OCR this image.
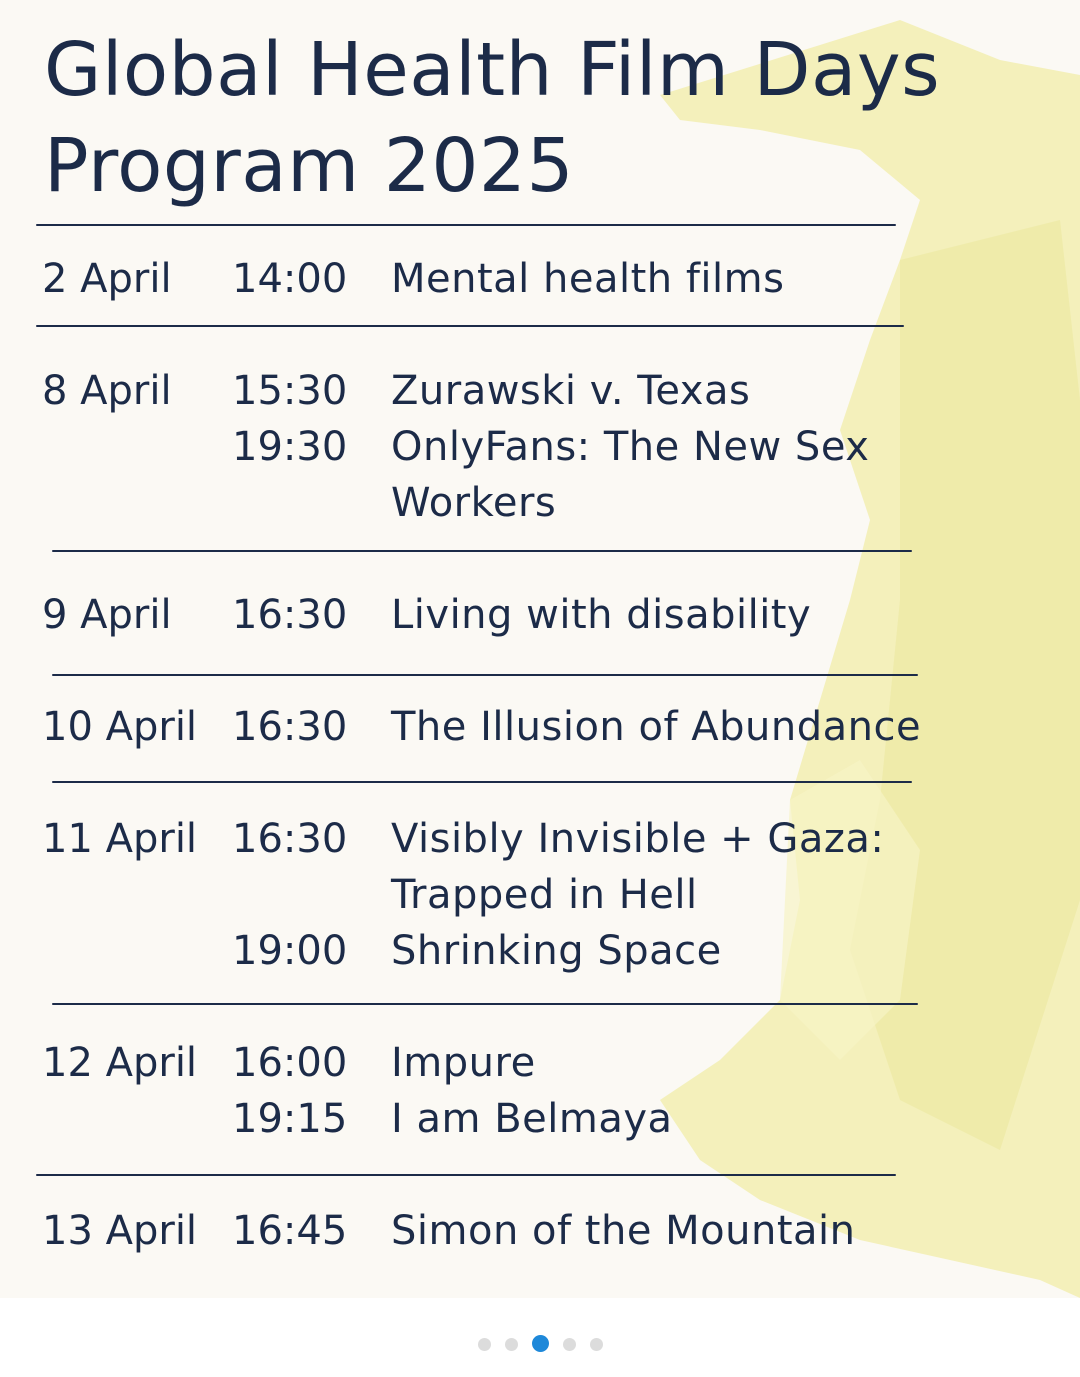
Global Health Film Days
Program 2025
2 April 14:00 Mental health films
8 April 15:30 Zurawski v. Texas
19:30 OnlyFans: The New Sex
Workers
9 April 16:30 Living with disability
10 April 16:30 The Illusion of Abundance
11 April 16:30 Visibly Invisible + Gaza:
Trapped in Hell
19:00 Shrinking Space
12 April 16:00 Impure
19:15 I am Belmaya
13 April 16:45 Simon of the Mountain
